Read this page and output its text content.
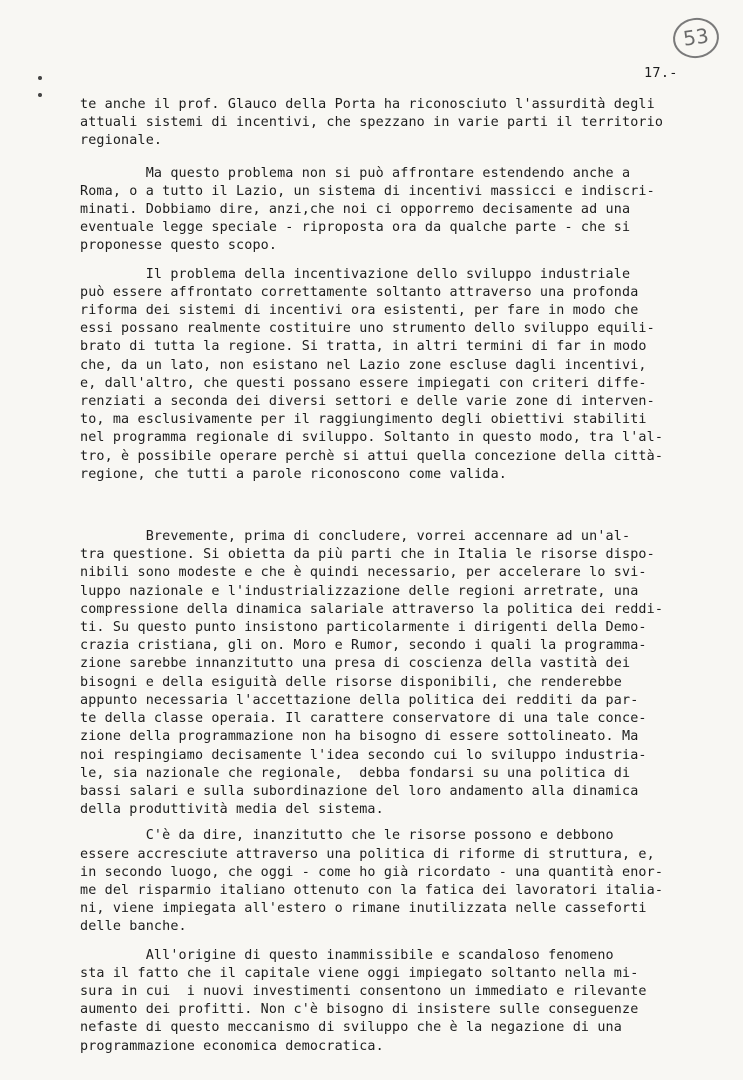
53
17.-

te anche il prof. Glauco della Porta ha riconosciuto l'assurdità degli
attuali sistemi di incentivi, che spezzano in varie parti il territorio
regionale.

Ma questo problema non si può affrontare estendendo anche a
Roma, o a tutto il Lazio, un sistema di incentivi massicci e indiscri-
minati. Dobbiamo dire, anzi,che noi ci opporremo decisamente ad una
eventuale legge speciale - riproposta ora da qualche parte - che si
proponesse questo scopo.

Il problema della incentivazione dello sviluppo industriale
può essere affrontato correttamente soltanto attraverso una profonda
riforma dei sistemi di incentivi ora esistenti, per fare in modo che
essi possano realmente costituire uno strumento dello sviluppo equili-
brato di tutta la regione. Si tratta, in altri termini di far in modo
che, da un lato, non esistano nel Lazio zone escluse dagli incentivi,
e, dall'altro, che questi possano essere impiegati con criteri diffe-
renziati a seconda dei diversi settori e delle varie zone di interven-
to, ma esclusivamente per il raggiungimento degli obiettivi stabiliti
nel programma regionale di sviluppo. Soltanto in questo modo, tra l'al-
tro, è possibile operare perchè si attui quella concezione della città-
regione, che tutti a parole riconoscono come valida.

Brevemente, prima di concludere, vorrei accennare ad un'al-
tra questione. Si obietta da più parti che in Italia le risorse dispo-
nibili sono modeste e che è quindi necessario, per accelerare lo svi-
luppo nazionale e l'industrializzazione delle regioni arretrate, una
compressione della dinamica salariale attraverso la politica dei reddi-
ti. Su questo punto insistono particolarmente i dirigenti della Demo-
crazia cristiana, gli on. Moro e Rumor, secondo i quali la programma-
zione sarebbe innanzitutto una presa di coscienza della vastità dei
bisogni e della esiguità delle risorse disponibili, che renderebbe
appunto necessaria l'accettazione della politica dei redditi da par-
te della classe operaia. Il carattere conservatore di una tale conce-
zione della programmazione non ha bisogno di essere sottolineato. Ma
noi respingiamo decisamente l'idea secondo cui lo sviluppo industria-
le, sia nazionale che regionale,  debba fondarsi su una politica di
bassi salari e sulla subordinazione del loro andamento alla dinamica
della produttività media del sistema.

C'è da dire, inanzitutto che le risorse possono e debbono
essere accresciute attraverso una politica di riforme di struttura, e,
in secondo luogo, che oggi - come ho già ricordato - una quantità enor-
me del risparmio italiano ottenuto con la fatica dei lavoratori italia-
ni, viene impiegata all'estero o rimane inutilizzata nelle casseforti
delle banche.

All'origine di questo inammissibile e scandaloso fenomeno
sta il fatto che il capitale viene oggi impiegato soltanto nella mi-
sura in cui  i nuovi investimenti consentono un immediato e rilevante
aumento dei profitti. Non c'è bisogno di insistere sulle conseguenze
nefaste di questo meccanismo di sviluppo che è la negazione di una
programmazione economica democratica.
